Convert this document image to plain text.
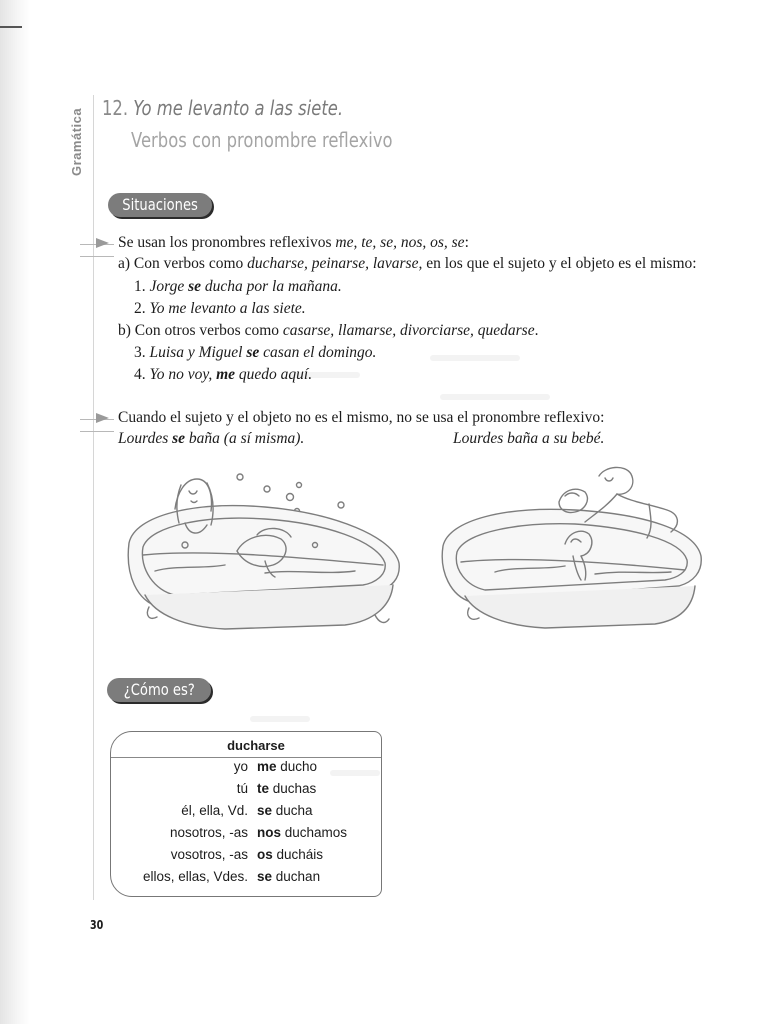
Gramática 12. Yo me levanto a las siete.
Verbos con pronombre reflexivo
Situaciones
Se usan los pronombres reflexivos me, te, se, nos, os, se:
a) Con verbos como ducharse, peinarse, lavarse, en los que el sujeto y el objeto es el mismo:
1. Jorge se ducha por la mañana.
2. Yo me levanto a las siete.
b) Con otros verbos como casarse, llamarse, divorciarse, quedarse.
3. Luisa y Miguel se casan el domingo.
4. Yo no voy, me quedo aquí.
Cuando el sujeto y el objeto no es el mismo, no se usa el pronombre reflexivo:
Lourdes se baña (a sí misma).	Lourdes baña a su bebé.
¿Cómo es?
ducharse
yo me ducho
tú te duchas
él, ella, Vd. se ducha
nosotros, -as nos duchamos
vosotros, -as os ducháis
ellos, ellas, Vdes. se duchan
30
